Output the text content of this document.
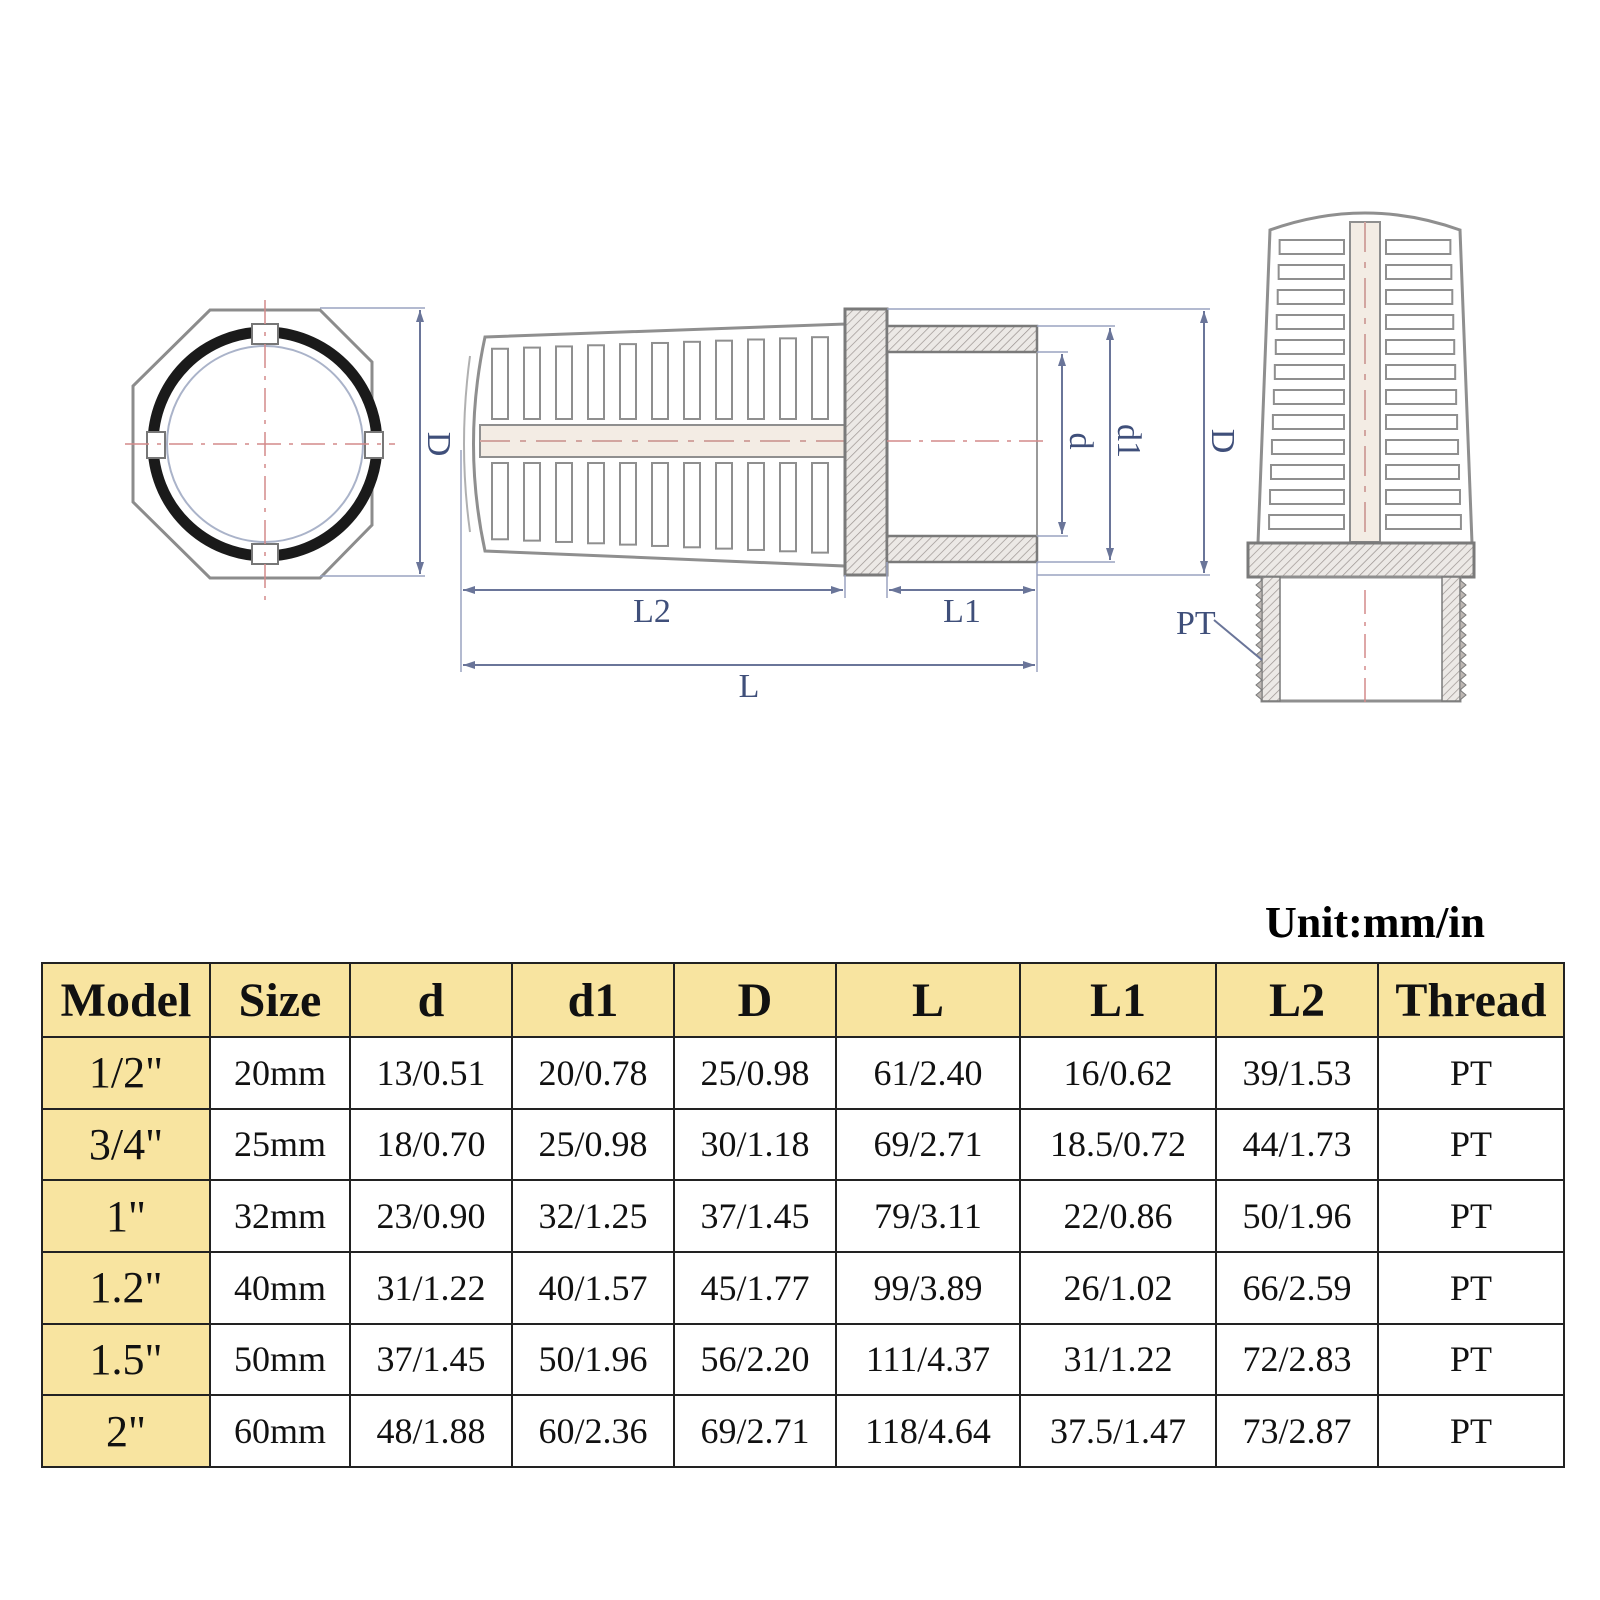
D	d d1 D
L2	L1
L
PT
Unit:mm/in
Model	Size	d	d1	D	L	L1	L2	Thread
1/2"	20mm	13/0.51	20/0.78	25/0.98	61/2.40	16/0.62	39/1.53	PT
3/4"	25mm	18/0.70	25/0.98	30/1.18	69/2.71	18.5/0.72	44/1.73	PT
1"	32mm	23/0.90	32/1.25	37/1.45	79/3.11	22/0.86	50/1.96	PT
1.2"	40mm	31/1.22	40/1.57	45/1.77	99/3.89	26/1.02	66/2.59	PT
1.5"	50mm	37/1.45	50/1.96	56/2.20	111/4.37	31/1.22	72/2.83	PT
2"	60mm	48/1.88	60/2.36	69/2.71	118/4.64	37.5/1.47	73/2.87	PT
